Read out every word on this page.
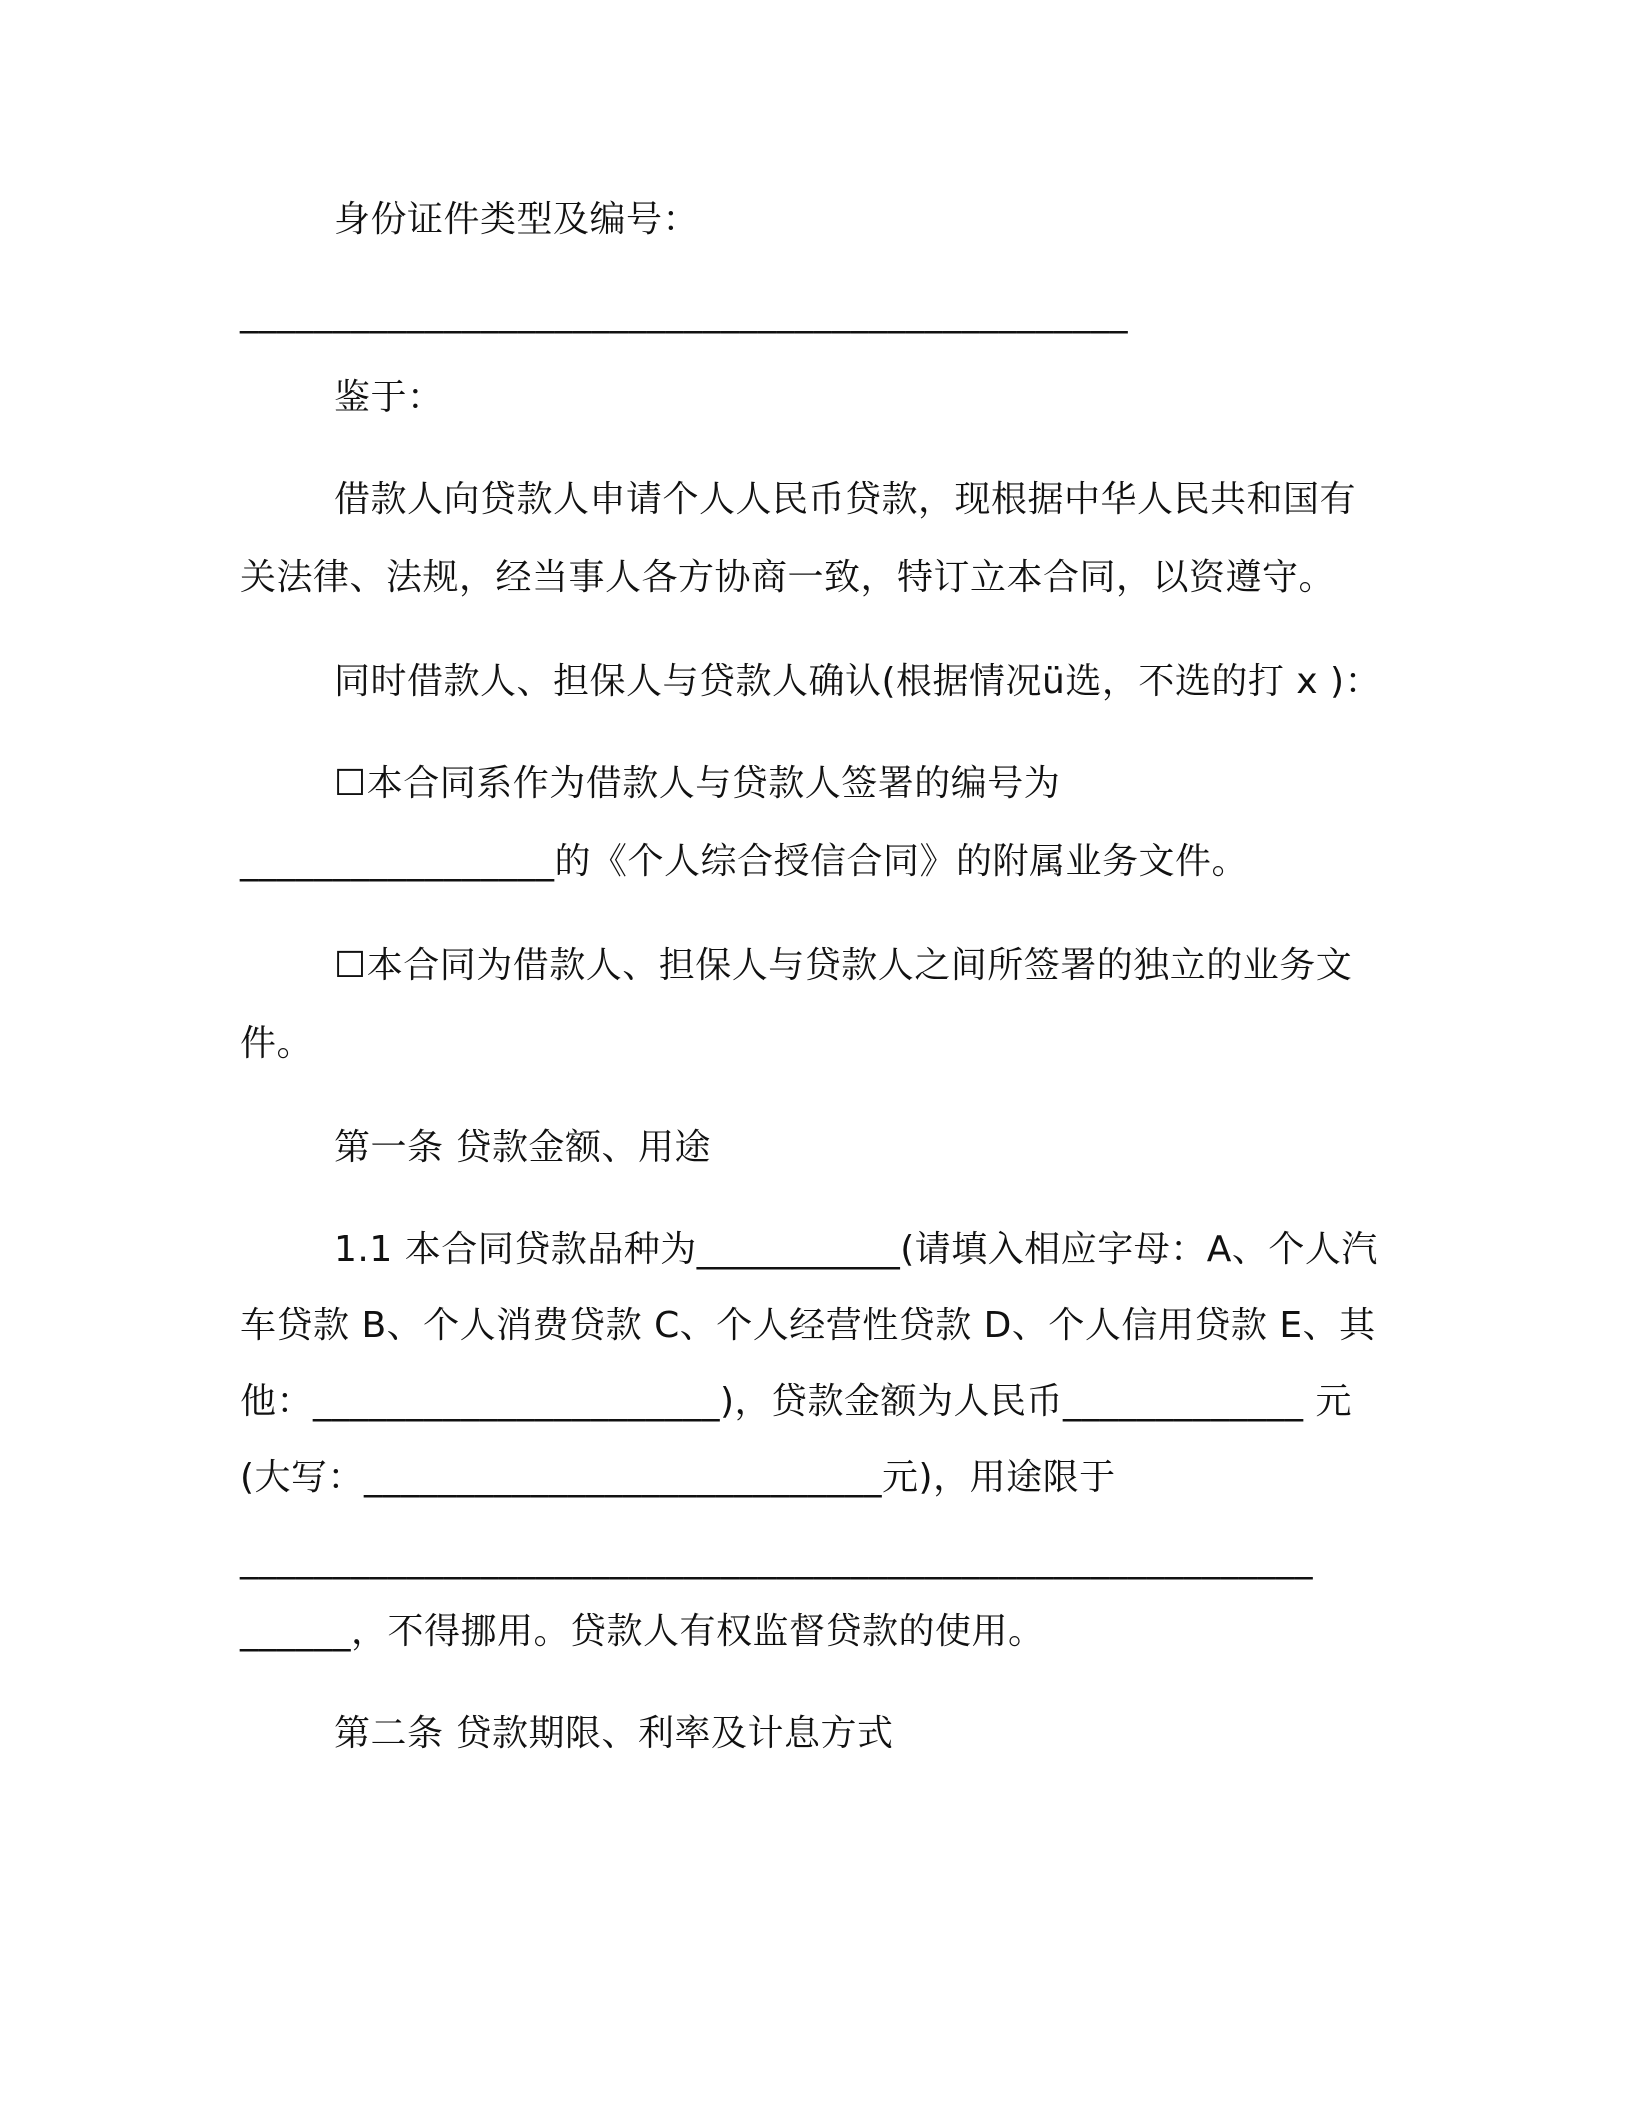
身份证件类型及编号：
________________________________________________
鉴于：
借款人向贷款人申请个人人民币贷款，现根据中华人民共和国有
关法律、法规，经当事人各方协商一致，特订立本合同，以资遵守。
同时借款人、担保人与贷款人确认(根据情况ü选，不选的打 x )：
☐本合同系作为借款人与贷款人签署的编号为
_________________的《个人综合授信合同》的附属业务文件。
☐本合同为借款人、担保人与贷款人之间所签署的独立的业务文
件。
第一条 贷款金额、用途
1.1 本合同贷款品种为___________(请填入相应字母：A、个人汽
车贷款 B、个人消费贷款 C、个人经营性贷款 D、个人信用贷款 E、其
他：______________________)，贷款金额为人民币_____________ 元
(大写：____________________________元)，用途限于
__________________________________________________________
______，不得挪用。贷款人有权监督贷款的使用。
第二条 贷款期限、利率及计息方式
